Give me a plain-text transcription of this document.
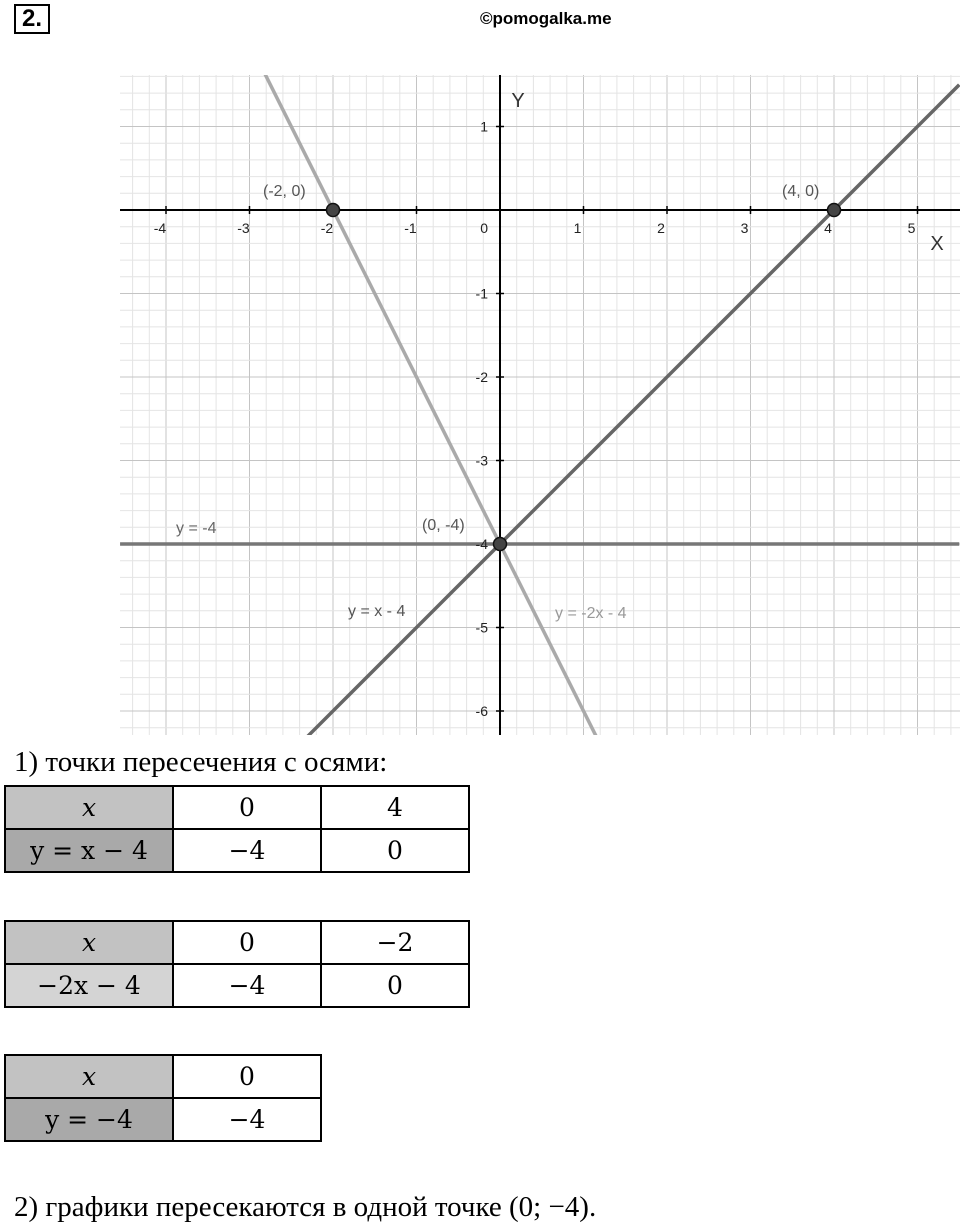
2.	©pomogalka.me
-4	-3	-2	-1	1	2	3	4	5
1
-1
-2
-3
-4
-5
-6
0
X
Y
y = x - 4	y = -2x - 4
y = -4
(-2, 0)	(4, 0)
(0, -4)
1) точки пересечения с осями:
x	0	4
y = x − 4	−4	0
x	0	−2
−2x − 4	−4	0
x	0
y = −4	−4
2) графики пересекаются в одной точке (0; −4).
